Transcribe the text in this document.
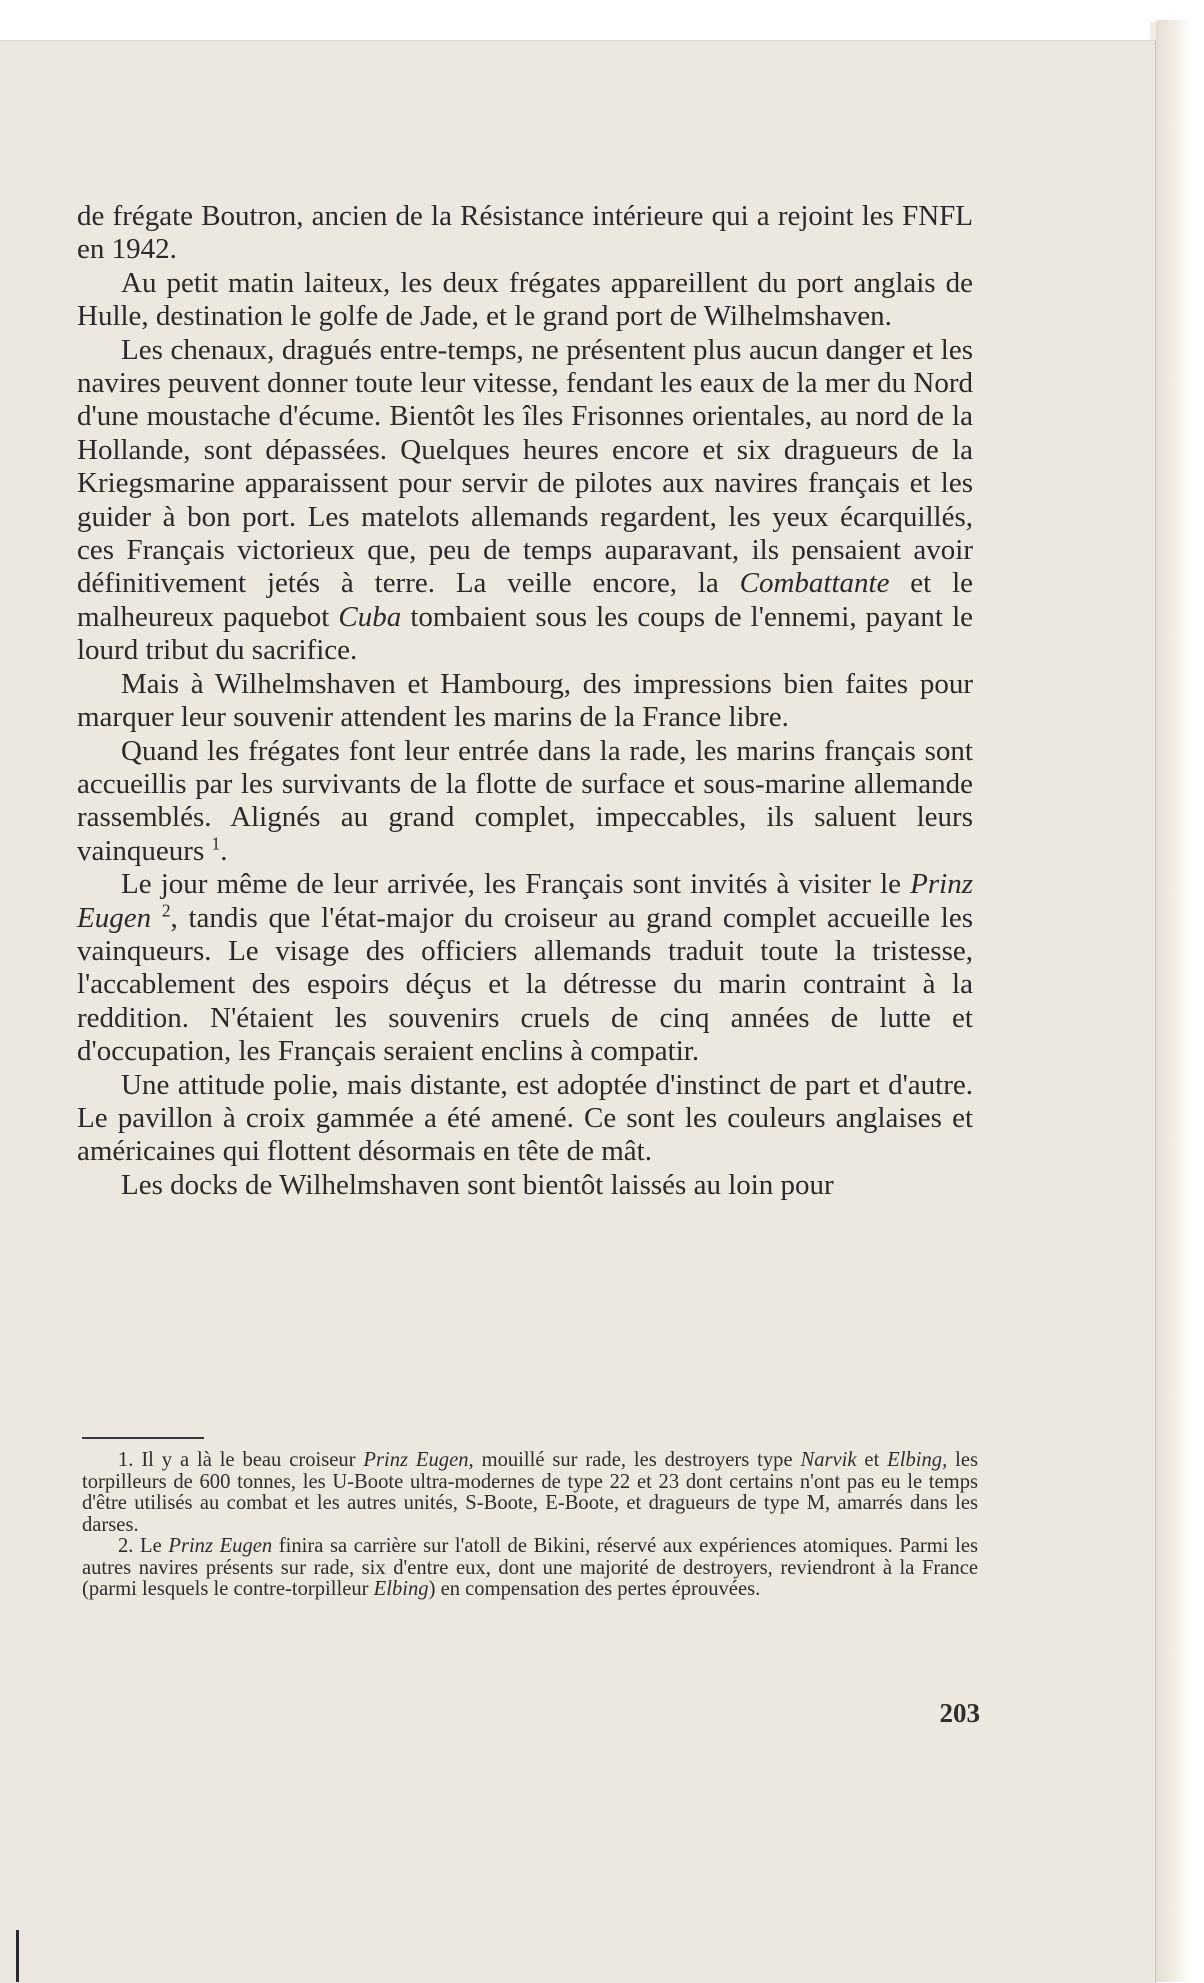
de frégate Boutron, ancien de la Résistance intérieure qui a rejoint les FNFL en 1942.

Au petit matin laiteux, les deux frégates appareillent du port anglais de Hulle, destination le golfe de Jade, et le grand port de Wilhelmshaven.

Les chenaux, dragués entre-temps, ne présentent plus aucun danger et les navires peuvent donner toute leur vitesse, fendant les eaux de la mer du Nord d'une moustache d'écume. Bientôt les îles Frisonnes orientales, au nord de la Hollande, sont dépassées. Quelques heures encore et six dragueurs de la Kriegsmarine apparaissent pour servir de pilotes aux navires français et les guider à bon port. Les matelots allemands regardent, les yeux écarquillés, ces Français victorieux que, peu de temps auparavant, ils pensaient avoir définitivement jetés à terre. La veille encore, la Combattante et le malheureux paquebot Cuba tombaient sous les coups de l'ennemi, payant le lourd tribut du sacrifice.

Mais à Wilhelmshaven et Hambourg, des impressions bien faites pour marquer leur souvenir attendent les marins de la France libre.

Quand les frégates font leur entrée dans la rade, les marins français sont accueillis par les survivants de la flotte de surface et sous-marine allemande rassemblés. Alignés au grand complet, impeccables, ils saluent leurs vainqueurs $^1$.

Le jour même de leur arrivée, les Français sont invités à visiter le Prinz Eugen $^2$, tandis que l'état-major du croiseur au grand complet accueille les vainqueurs. Le visage des officiers allemands traduit toute la tristesse, l'accablement des espoirs déçus et la détresse du marin contraint à la reddition. N'étaient les souvenirs cruels de cinq années de lutte et d'occupation, les Français seraient enclins à compatir.

Une attitude polie, mais distante, est adoptée d'instinct de part et d'autre. Le pavillon à croix gammée a été amené. Ce sont les couleurs anglaises et américaines qui flottent désormais en tête de mât.

Les docks de Wilhelmshaven sont bientôt laissés au loin pour

1. Il y a là le beau croiseur Prinz Eugen, mouillé sur rade, les destroyers type Narvik et Elbing, les torpilleurs de 600 tonnes, les U-Boote ultra-modernes de type 22 et 23 dont certains n'ont pas eu le temps d'être utilisés au combat et les autres unités, S-Boote, E-Boote, et dragueurs de type M, amarrés dans les darses.

2. Le Prinz Eugen finira sa carrière sur l'atoll de Bikini, réservé aux expériences atomiques. Parmi les autres navires présents sur rade, six d'entre eux, dont une majorité de destroyers, reviendront à la France (parmi lesquels le contre-torpilleur Elbing) en compensation des pertes éprouvées.

203
